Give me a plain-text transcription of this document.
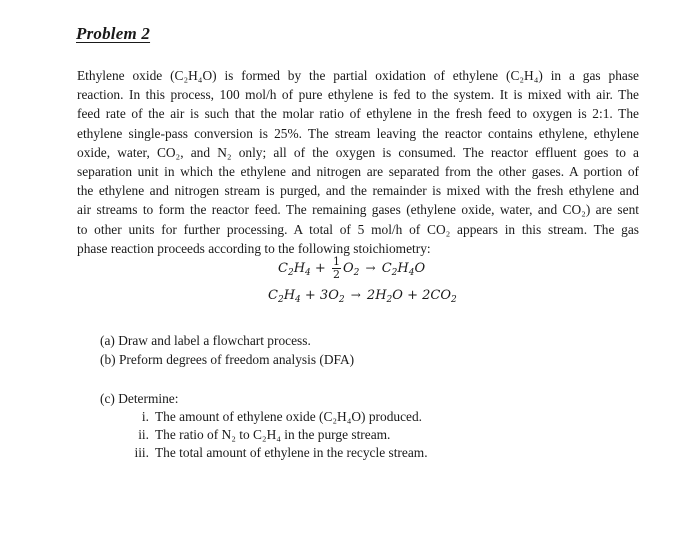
Problem 2

Ethylene oxide (C₂H₄O) is formed by the partial oxidation of ethylene (C₂H₄) in a gas phase
reaction. In this process, 100 mol/h of pure ethylene is fed to the system. It is mixed with air. The
feed rate of the air is such that the molar ratio of ethylene in the fresh feed to oxygen is 2:1. The
ethylene single-pass conversion is 25%. The stream leaving the reactor contains ethylene, ethylene
oxide, water, CO₂, and N₂ only; all of the oxygen is consumed. The reactor effluent goes to a
separation unit in which the ethylene and nitrogen are separated from the other gases. A portion of
the ethylene and nitrogen stream is purged, and the remainder is mixed with the fresh ethylene and
air streams to form the reactor feed. The remaining gases (ethylene oxide, water, and CO₂) are sent
to other units for further processing. A total of 5 mol/h of CO₂ appears in this stream. The gas
phase reaction proceeds according to the following stoichiometry:

$C_2H_4 + \frac{1}{2} O_2 \to C_2H_4O$
$C_2H_4 + 3O_2 \to 2H_2O + 2CO_2$
(a) Draw and label a flowchart process.
(b) Preform degrees of freedom analysis (DFA)
(c) Determine:
i. The amount of ethylene oxide (C₂H₄O) produced.
ii. The ratio of N₂ to C₂H₄ in the purge stream.
iii. The total amount of ethylene in the recycle stream.
